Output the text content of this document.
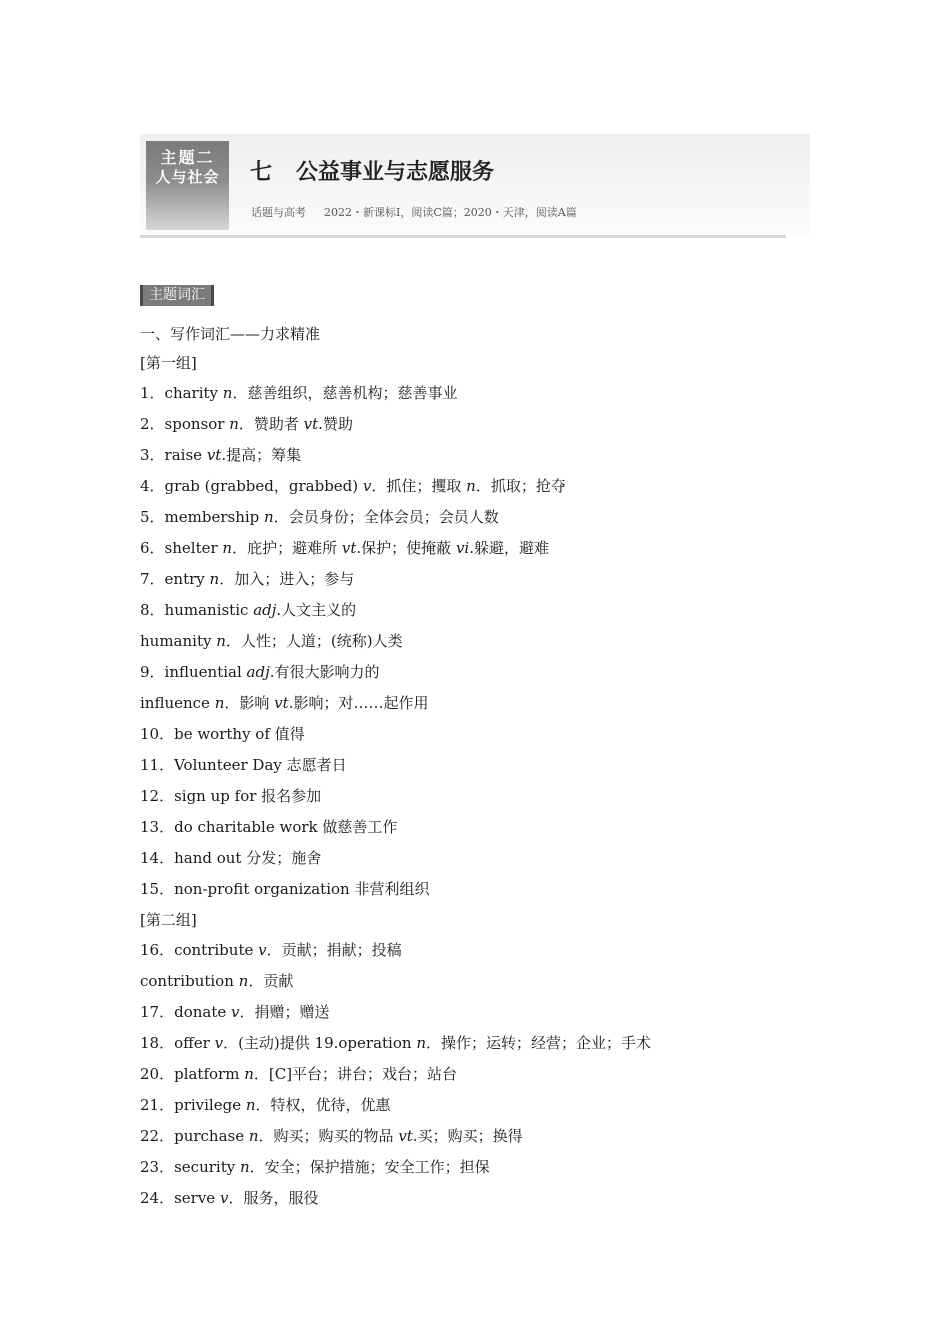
主题二
人与社会	七 公益事业与志愿服务
话题与高考 2022・新课标Ⅰ，阅读C篇；2020・天津，阅读A篇
主题词汇
一、写作词汇——力求精准
[第一组]
1．charity n．慈善组织，慈善机构；慈善事业
2．sponsor n．赞助者 vt.赞助
3．raise vt.提高；筹集
4．grab (grabbed，grabbed) v．抓住；攫取 n．抓取；抢夺
5．membership n．会员身份；全体会员；会员人数
6．shelter n．庇护；避难所 vt.保护；使掩蔽 vi.躲避，避难
7．entry n．加入；进入；参与
8．humanistic adj.人文主义的
humanity n．人性；人道；(统称)人类
9．influential adj.有很大影响力的
influence n．影响 vt.影响；对……起作用
10．be worthy of 值得
11．Volunteer Day 志愿者日
12．sign up for 报名参加
13．do charitable work 做慈善工作
14．hand out 分发；施舍
15．non-profit organization 非营利组织
[第二组]
16．contribute v．贡献；捐献；投稿
contribution n．贡献
17．donate v．捐赠；赠送
18．offer v．(主动)提供 19.operation n．操作；运转；经营；企业；手术
20．platform n．[C]平台；讲台；戏台；站台
21．privilege n．特权，优待，优惠
22．purchase n．购买；购买的物品 vt.买；购买；换得
23．security n．安全；保护措施；安全工作；担保
24．serve v．服务，服役
